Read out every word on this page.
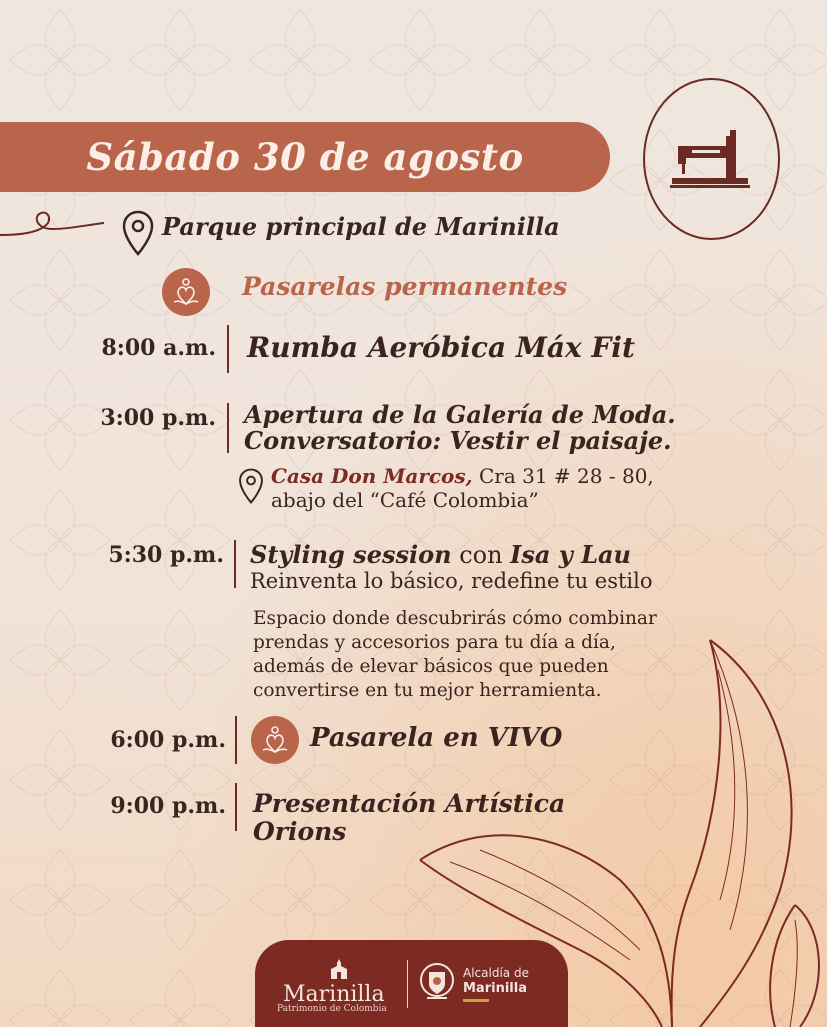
Sábado 30 de agosto
Parque principal de Marinilla
Pasarelas permanentes
8:00 a.m. Rumba Aeróbica Máx Fit
3:00 p.m. Apertura de la Galería de Moda.
Conversatorio: Vestir el paisaje.
Casa Don Marcos, Cra 31 # 28 - 80,
abajo del “Café Colombia”
5:30 p.m. Styling session con Isa y Lau
Reinventa lo básico, redefine tu estilo
Espacio donde descubrirás cómo combinar
prendas y accesorios para tu día a día,
además de elevar básicos que pueden
convertirse en tu mejor herramienta.
6:00 p.m.	Pasarela en VIVO
9:00 p.m. Presentación Artística
Orions
Marinilla
Patrimonio de Colombia
Alcaldía de
Marinilla
